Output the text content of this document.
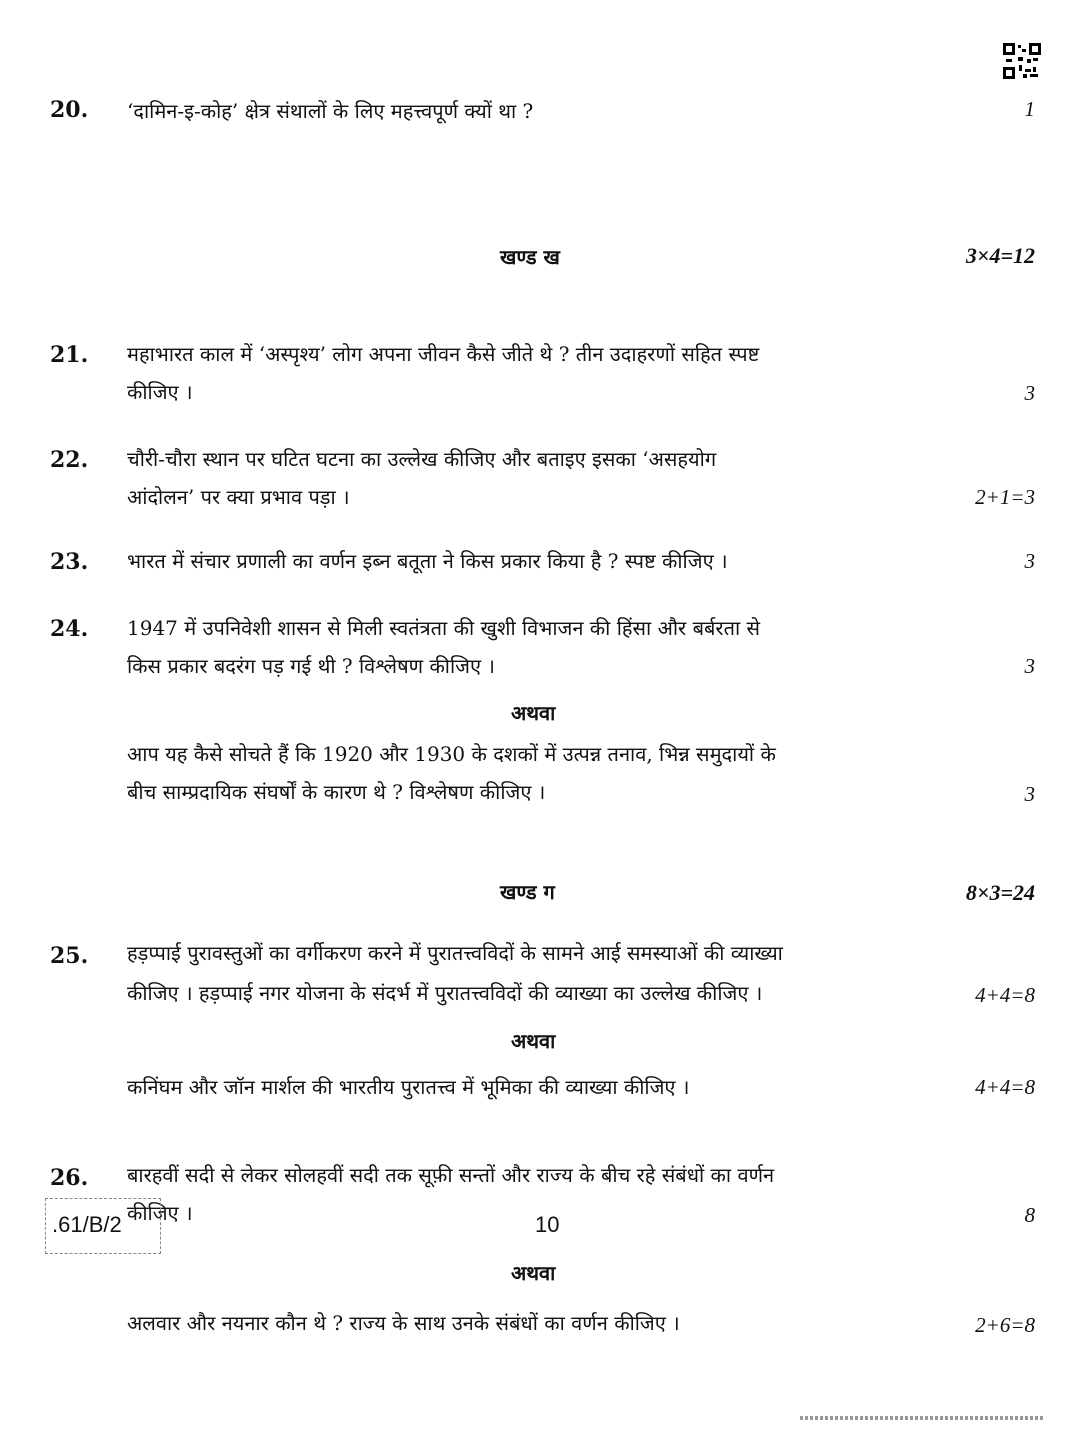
20. ‘दामिन-इ-कोह’ क्षेत्र संथालों के लिए महत्त्वपूर्ण क्यों था ?	1
खण्ड ख	3×4=12
21. महाभारत काल में ‘अस्पृश्य’ लोग अपना जीवन कैसे जीते थे ? तीन उदाहरणों सहित स्पष्ट
कीजिए ।	3
22. चौरी-चौरा स्थान पर घटित घटना का उल्लेख कीजिए और बताइए इसका ‘असहयोग
आंदोलन’ पर क्या प्रभाव पड़ा ।	2+1=3
23. भारत में संचार प्रणाली का वर्णन इब्न बतूता ने किस प्रकार किया है ? स्पष्ट कीजिए ।	3
24. 1947 में उपनिवेशी शासन से मिली स्वतंत्रता की खुशी विभाजन की हिंसा और बर्बरता से
किस प्रकार बदरंग पड़ गई थी ? विश्लेषण कीजिए ।	3
अथवा
आप यह कैसे सोचते हैं कि 1920 और 1930 के दशकों में उत्पन्न तनाव, भिन्न समुदायों के
बीच साम्प्रदायिक संघर्षों के कारण थे ? विश्लेषण कीजिए ।	3
खण्ड ग	8×3=24
25. हड़प्पाई पुरावस्तुओं का वर्गीकरण करने में पुरातत्त्वविदों के सामने आई समस्याओं की व्याख्या
कीजिए । हड़प्पाई नगर योजना के संदर्भ में पुरातत्त्वविदों की व्याख्या का उल्लेख कीजिए ।	4+4=8
अथवा
कनिंघम और जॉन मार्शल की भारतीय पुरातत्त्व में भूमिका की व्याख्या कीजिए ।	4+4=8
26. बारहवीं सदी से लेकर सोलहवीं सदी तक सूफ़ी सन्तों और राज्य के बीच रहे संबंधों का वर्णन
कीजिए ।	8
अथवा
अलवार और नयनार कौन थे ? राज्य के साथ उनके संबंधों का वर्णन कीजिए ।	2+6=8
.61/B/2	10
